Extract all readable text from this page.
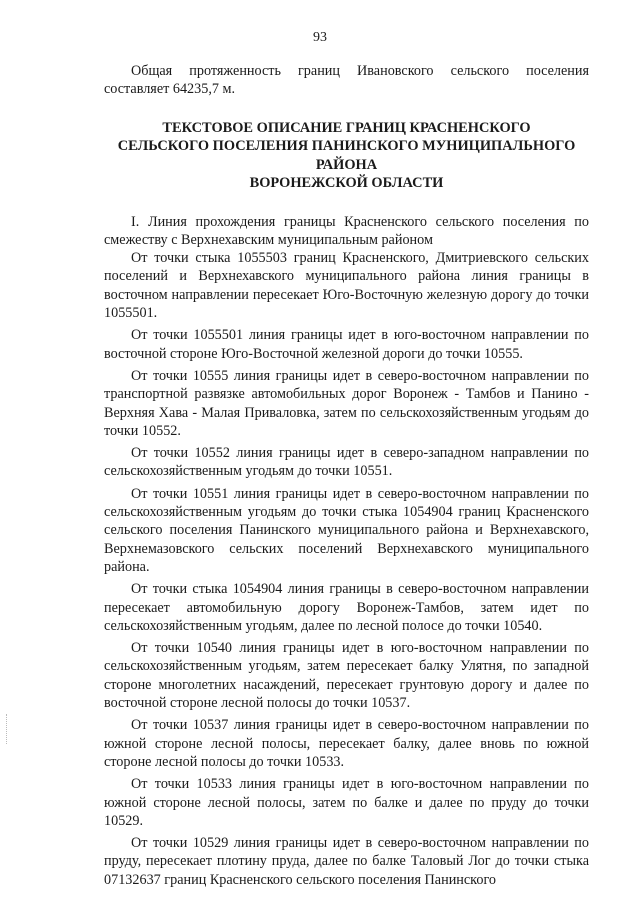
93

Общая протяженность границ Ивановского сельского поселения составляет 64235,7 м.

ТЕКСТОВОЕ ОПИСАНИЕ ГРАНИЦ КРАСНЕНСКОГО
СЕЛЬСКОГО ПОСЕЛЕНИЯ ПАНИНСКОГО МУНИЦИПАЛЬНОГО
РАЙОНА
ВОРОНЕЖСКОЙ ОБЛАСТИ

I. Линия прохождения границы Красненского сельского поселения по смежеству с Верхнехавским муниципальным районом

От точки стыка 1055503 границ Красненского, Дмитриевского сельских поселений и Верхнехавского муниципального района линия границы в восточном направлении пересекает Юго-Восточную железную дорогу до точки 1055501.

От точки 1055501 линия границы идет в юго-восточном направлении по восточной стороне Юго-Восточной железной дороги до точки 10555.

От точки 10555 линия границы идет в северо-восточном направлении по транспортной развязке автомобильных дорог Воронеж - Тамбов и Панино - Верхняя Хава - Малая Приваловка, затем по сельскохозяйственным угодьям до точки 10552.

От точки 10552 линия границы идет в северо-западном направлении по сельскохозяйственным угодьям до точки 10551.

От точки 10551 линия границы идет в северо-восточном направлении по сельскохозяйственным угодьям до точки стыка 1054904 границ Красненского сельского поселения Панинского муниципального района и Верхнехавского, Верхнемазовского сельских поселений Верхнехавского муниципального района.

От точки стыка 1054904 линия границы в северо-восточном направлении пересекает автомобильную дорогу Воронеж-Тамбов, затем идет по сельскохозяйственным угодьям, далее по лесной полосе до точки 10540.

От точки 10540 линия границы идет в юго-восточном направлении по сельскохозяйственным угодьям, затем пересекает балку Улятня, по западной стороне многолетних насаждений, пересекает грунтовую дорогу и далее по восточной стороне лесной полосы до точки 10537.

От точки 10537 линия границы идет в северо-восточном направлении по южной стороне лесной полосы, пересекает балку, далее вновь по южной стороне лесной полосы до точки 10533.

От точки 10533 линия границы идет в юго-восточном направлении по южной стороне лесной полосы, затем по балке и далее по пруду до точки 10529.

От точки 10529 линия границы идет в северо-восточном направлении по пруду, пересекает плотину пруда, далее по балке Таловый Лог до точки стыка 07132637 границ Красненского сельского поселения Панинского
